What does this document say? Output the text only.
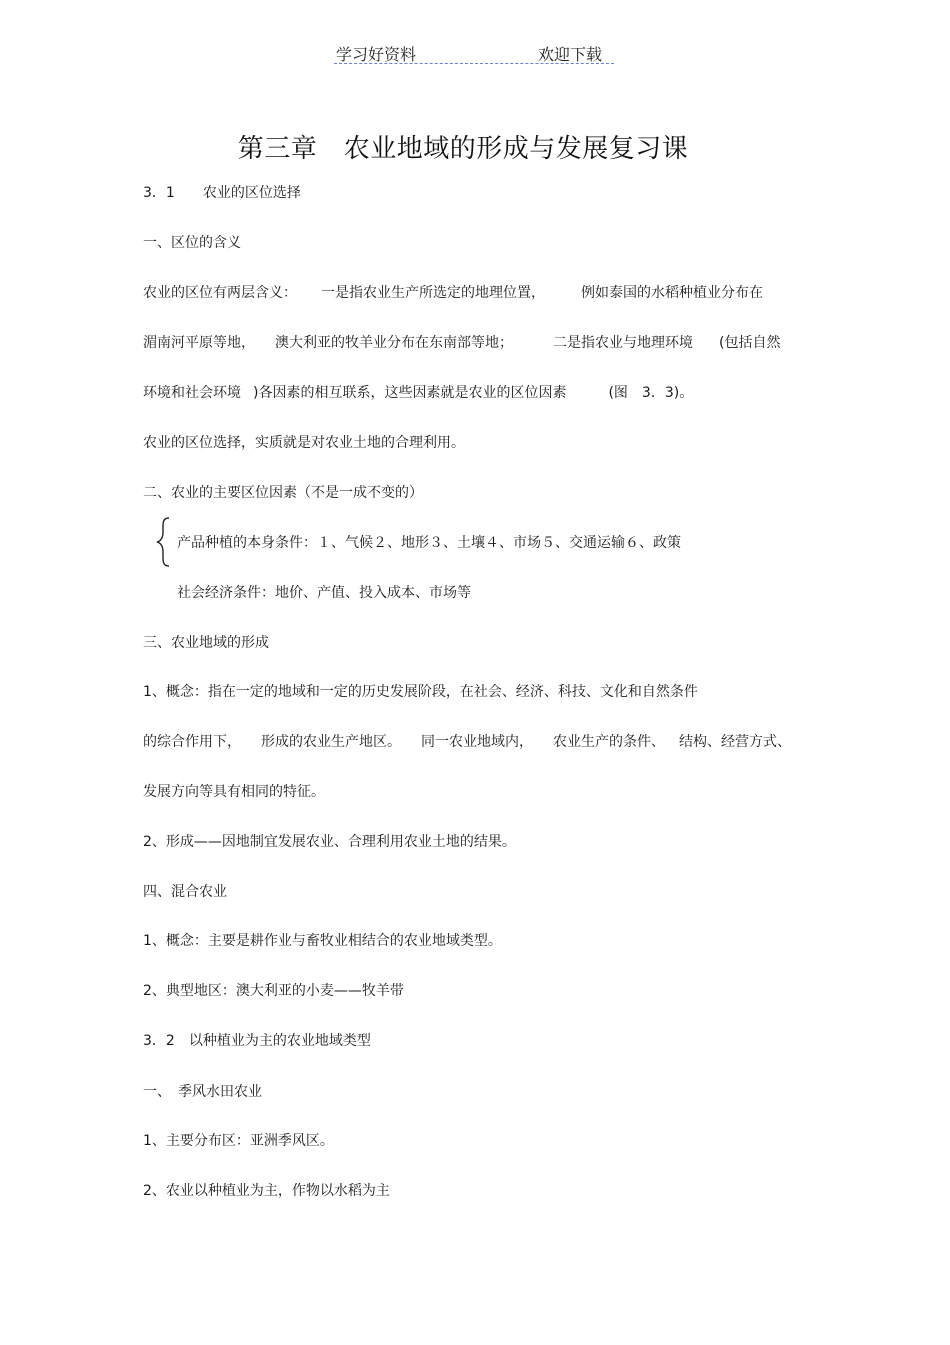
学习好资料	欢迎下载
第三章　农业地域的形成与发展复习课
3．1　　农业的区位选择
一、区位的含义
农业的区位有两层含义： 一是指农业生产所选定的地理位置，	例如泰国的水稻种植业分布在
湄南河平原等地， 澳大利亚的牧羊业分布在东南部等地；	二是指农业与地理环境 (包括自然
环境和社会环境 )各因素的相互联系，这些因素就是农业的区位因素	(图　3．3)。
农业的区位选择，实质就是对农业土地的合理利用。
二、农业的主要区位因素（不是一成不变的）
产品种植的本身条件：１、气候２、地形３、土壤４、市场５、交通运输６、政策
社会经济条件：地价、产值、投入成本、市场等
三、农业地域的形成
1、概念：指在一定的地域和一定的历史发展阶段，在社会、经济、科技、文化和自然条件
的综合作用下， 形成的农业生产地区。 同一农业地域内， 农业生产的条件、 结构、经营方式、
发展方向等具有相同的特征。
2、形成——因地制宜发展农业、合理利用农业土地的结果。
四、混合农业
1、概念：主要是耕作业与畜牧业相结合的农业地域类型。
2、典型地区：澳大利亚的小麦——牧羊带
3．2　以种植业为主的农业地域类型
一、　季风水田农业
1、主要分布区：亚洲季风区。
2、农业以种植业为主，作物以水稻为主
